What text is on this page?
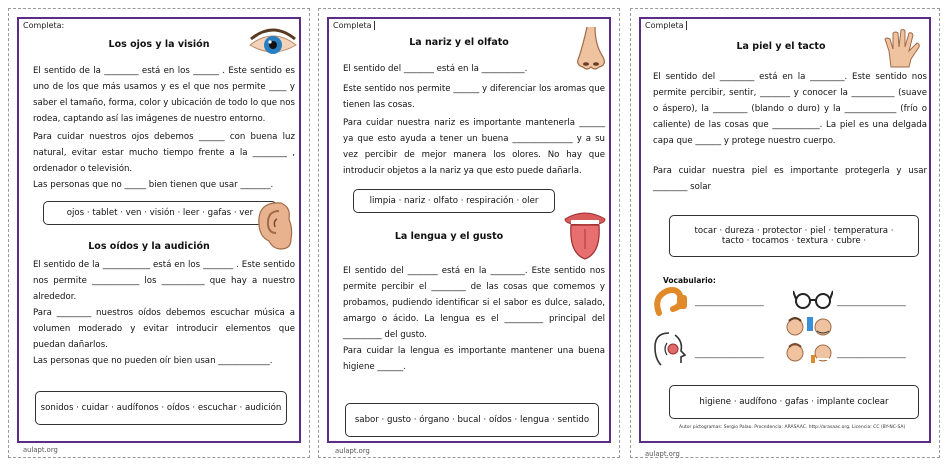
Completa:
Los ojos y la visión
El sentido de la ________ está en los ______ . Este sentido es uno de los que más usamos y es el que nos permite ____ y saber el tamaño, forma, color y ubicación de todo lo que nos rodea, captando así las imágenes de nuestro entorno.
Para cuidar nuestros ojos debemos ______ con buena luz natural, evitar estar mucho tiempo frente a la ________ , ordenador o televisión.
Las personas que no _____ bien tienen que usar _______.
ojos · tablet · ven · visión · leer · gafas · ver
Los oídos y la audición
El sentido de la ___________ está en los _______ . Este sentido nos permite ___________ los __________ que hay a nuestro alrededor.
Para ________ nuestros oídos debemos escuchar música a volumen moderado y evitar introducir elementos que puedan dañarlos.
Las personas que no pueden oír bien usan ____________.
sonidos · cuidar · audífonos · oídos · escuchar · audición
aulapt.org
Completa
La nariz y el olfato
El sentido del _______ está en la __________.
Este sentido nos permite ______ y diferenciar los aromas que tienen las cosas.
Para cuidar nuestra nariz es importante mantenerla ______ ya que esto ayuda a tener un buena ______________ y a su vez percibir de mejor manera los olores. No hay que introducir objetos a la nariz ya que esto puede dañarla.
limpia · nariz · olfato · respiración · oler
La lengua y el gusto
El sentido del _______ está en la ________. Este sentido nos permite percibir el ________ de las cosas que comemos y probamos, pudiendo identificar si el sabor es dulce, salado, amargo o ácido. La lengua es el _________ principal del _________ del gusto.
Para cuidar la lengua es importante mantener una buena higiene ______.
sabor · gusto · órgano · bucal · oídos · lengua · sentido
aulapt.org
Completa
La piel y el tacto
El sentido del ________ está en la ________. Este sentido nos permite percibir, sentir, _______ y conocer la __________ (suave o áspero), la ________ (blando o duro) y la ____________ (frío o caliente) de las cosas que ___________. La piel es una delgada capa que ______ y protege nuestro cuerpo.
Para cuidar nuestra piel es importante protegerla y usar ________ solar
tocar · dureza · protector · piel · temperatura ·
tacto · tocamos · textura · cubre ·
Vocabulario:
________________	________________
________________	________________
higiene · audífono · gafas · implante coclear
Autor pictogramas: Sergio Palao. Procedencia: ARASAAC. http://arasaac.org. Licencia: CC (BY-NC-SA)
aulapt.org
